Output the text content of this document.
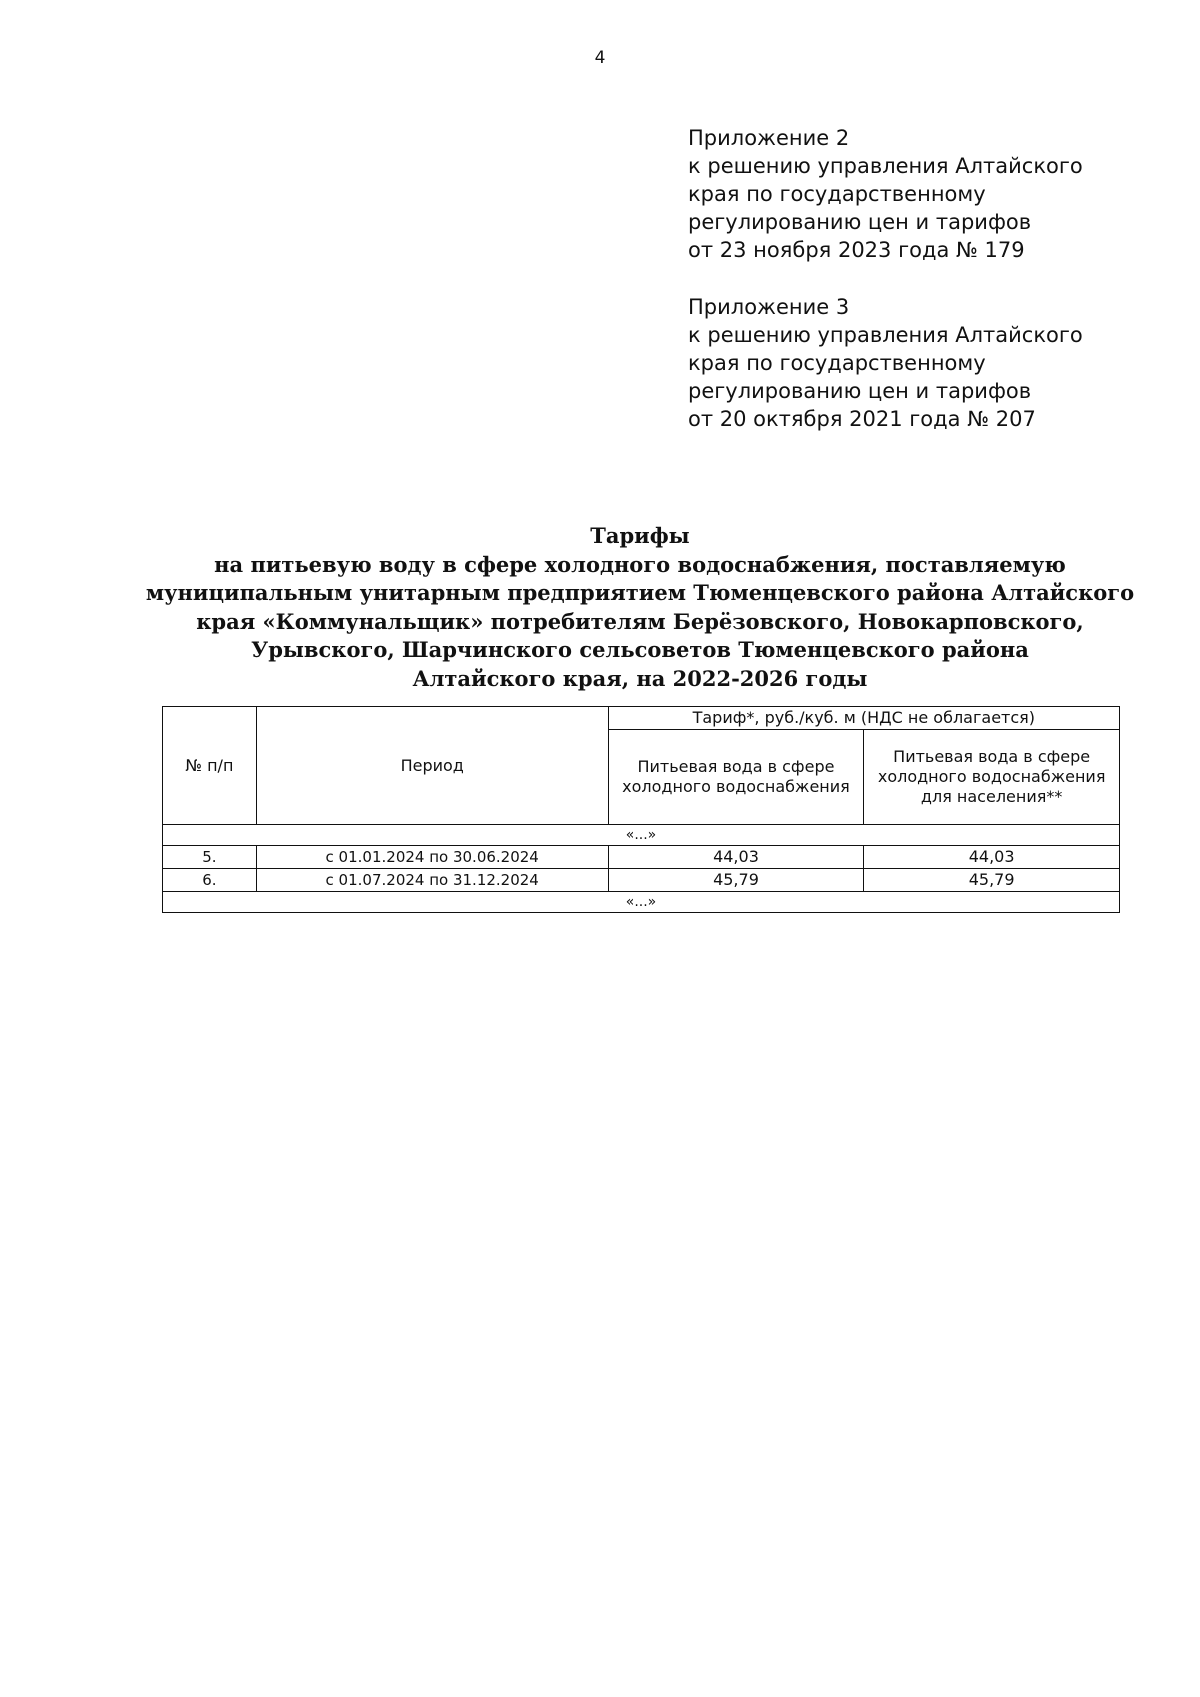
4
Приложение 2
к решению управления Алтайского
края по государственному
регулированию цен и тарифов
от 23 ноября 2023 года № 179
Приложение 3
к решению управления Алтайского
края по государственному
регулированию цен и тарифов
от 20 октября 2021 года № 207
Тарифы
на питьевую воду в сфере холодного водоснабжения, поставляемую
муниципальным унитарным предприятием Тюменцевского района Алтайского
края «Коммунальщик» потребителям Берёзовского, Новокарповского,
Урывского, Шарчинского сельсоветов Тюменцевского района
Алтайского края, на 2022-2026 годы
№ п/п	Период	Тариф*, руб./куб. м (НДС не облагается)	
		Питьевая вода в сфере холодного водоснабжения	Питьевая вода в сфере холодного водоснабжения для населения**
«...»			
5.	с 01.01.2024 по 30.06.2024	44,03	44,03
6.	с 01.07.2024 по 31.12.2024	45,79	45,79
«...»			
